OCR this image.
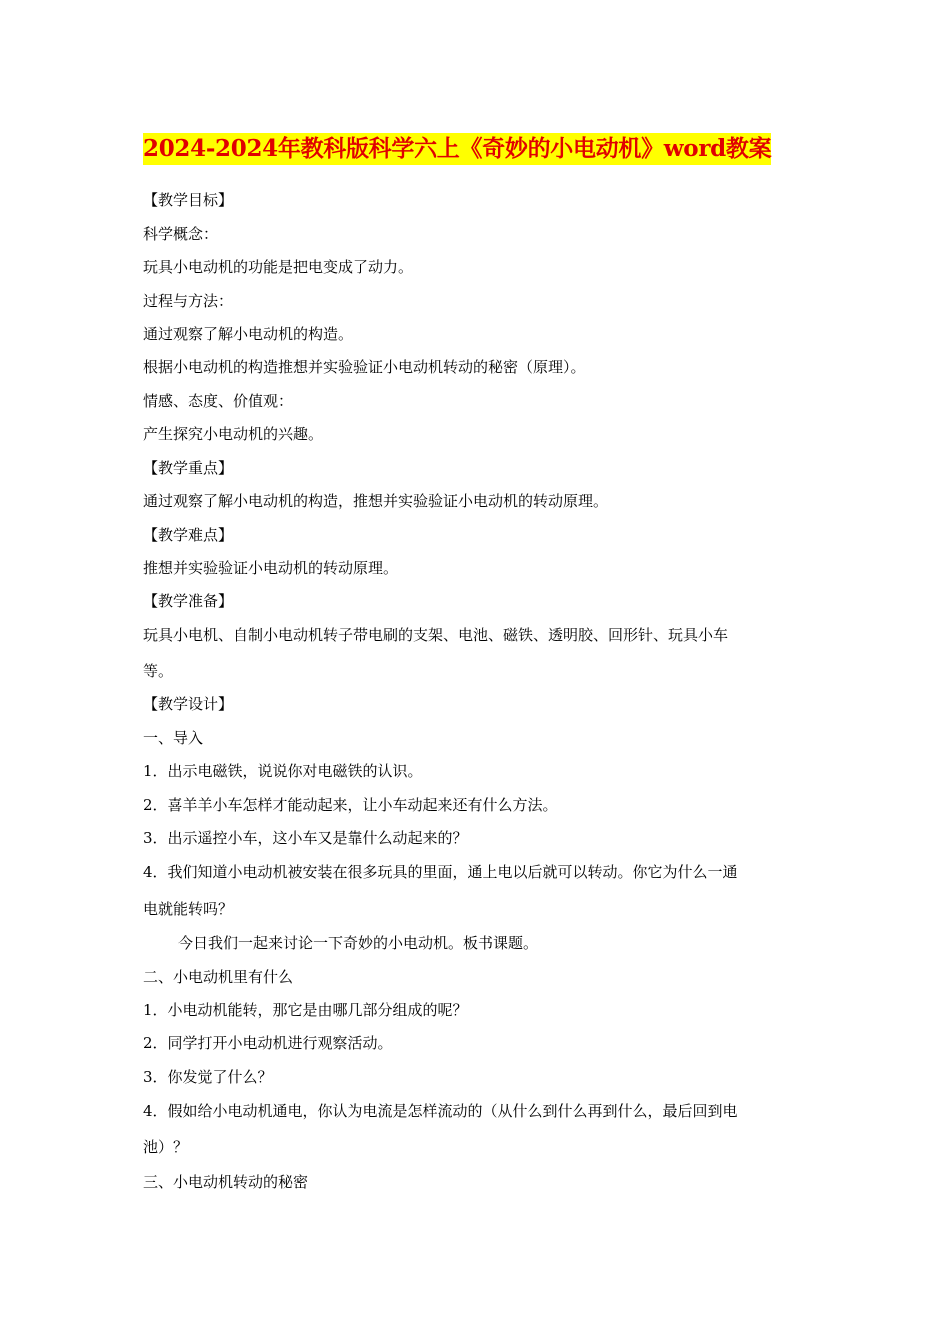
2024-2024年教科版科学六上《奇妙的小电动机》word教案
【教学目标】
科学概念：
玩具小电动机的功能是把电变成了动力。
过程与方法：
通过观察了解小电动机的构造。
根据小电动机的构造推想并实验验证小电动机转动的秘密（原理）。
情感、态度、价值观：
产生探究小电动机的兴趣。
【教学重点】
通过观察了解小电动机的构造，推想并实验验证小电动机的转动原理。
【教学难点】
推想并实验验证小电动机的转动原理。
【教学准备】
玩具小电机、自制小电动机转子带电刷的支架、电池、磁铁、透明胶、回形针、玩具小车
等。
【教学设计】
一、导入
1．出示电磁铁，说说你对电磁铁的认识。
2．喜羊羊小车怎样才能动起来，让小车动起来还有什么方法。
3．出示遥控小车，这小车又是靠什么动起来的？
4．我们知道小电动机被安装在很多玩具的里面，通上电以后就可以转动。你它为什么一通
电就能转吗？
今日我们一起来讨论一下奇妙的小电动机。板书课题。
二、小电动机里有什么
1．小电动机能转，那它是由哪几部分组成的呢？
2．同学打开小电动机进行观察活动。
3．你发觉了什么？
4．假如给小电动机通电，你认为电流是怎样流动的（从什么到什么再到什么，最后回到电
池）？
三、小电动机转动的秘密
